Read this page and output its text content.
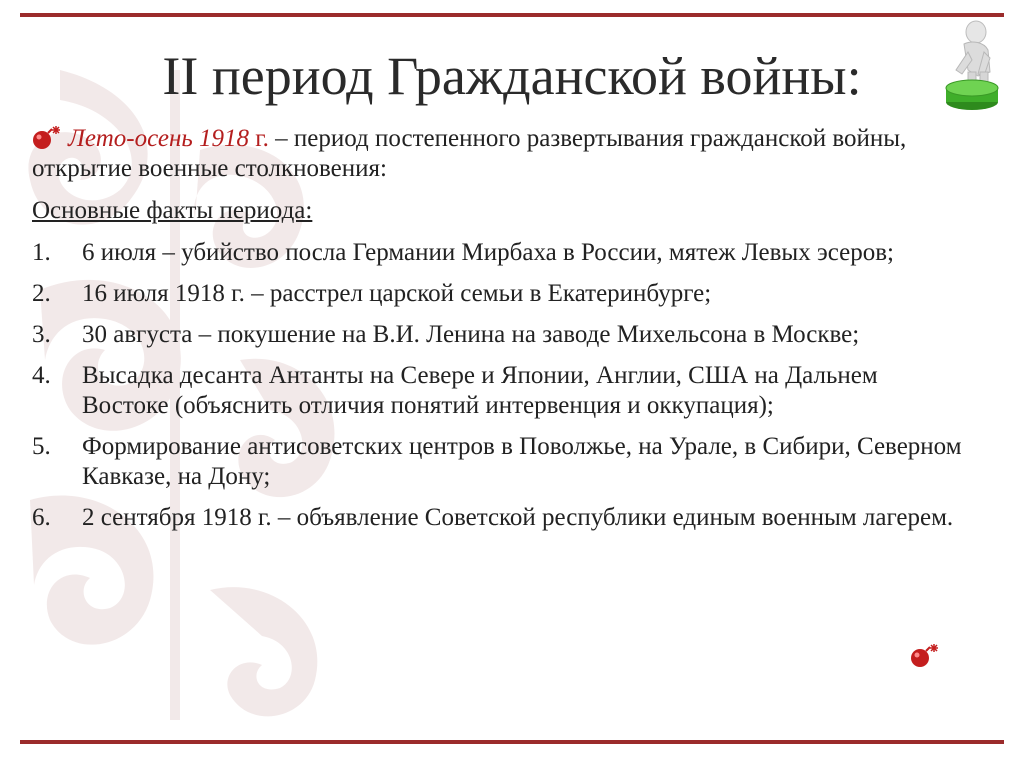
II период Гражданской войны:

Лето-осень 1918 г. – период постепенного развертывания гражданской войны, открытие военные столкновения:

Основные факты периода:

1.	6 июля – убийство посла Германии Мирбаха в России, мятеж Левых эсеров;
2.	16 июля 1918 г. – расстрел царской семьи в Екатеринбурге;
3.	30 августа – покушение на В.И. Ленина на заводе Михельсона в Москве;
4.	Высадка десанта Антанты на Севере и Японии, Англии, США на Дальнем Востоке (объяснить отличия понятий интервенция и оккупация);
5.	Формирование антисоветских центров в Поволжье, на Урале, в Сибири, Северном Кавказе, на Дону;
6.	2 сентября 1918 г. – объявление Советской республики единым военным лагерем.
